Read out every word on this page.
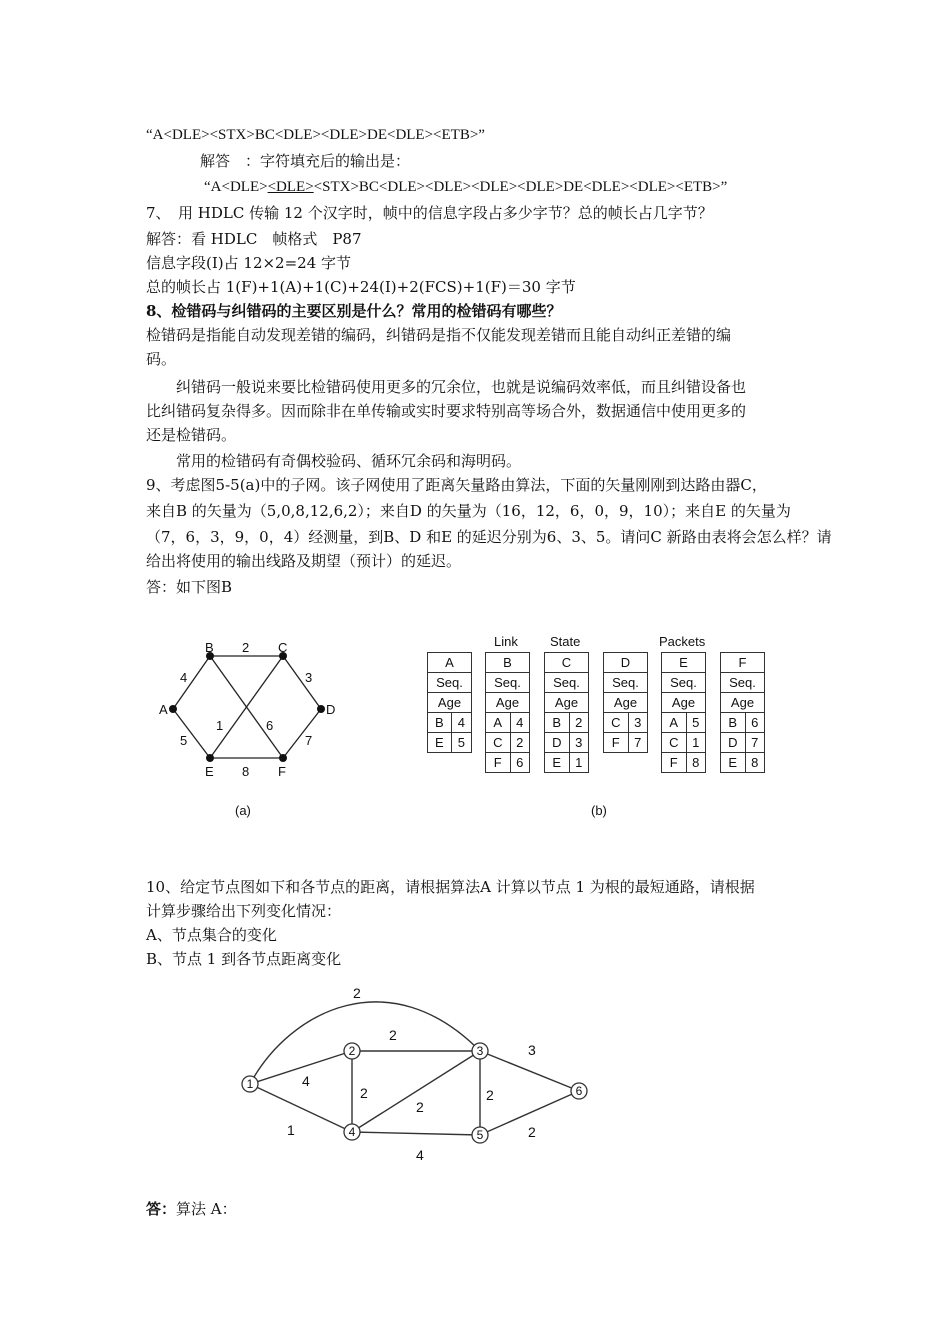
“A<DLE><STX>BC<DLE><DLE>DE<DLE><ETB>”
解答　：字符填充后的输出是：
“A<DLE><DLE><STX>BC<DLE><DLE><DLE><DLE>DE<DLE><DLE><ETB>”
7、　用 HDLC 传输 12 个汉字时，帧中的信息字段占多少字节？总的帧长占几字节？
解答：看 HDLC　帧格式　P87
信息字段(I)占 12×2=24 字节
总的帧长占 1(F)+1(A)+1(C)+24(I)+2(FCS)+1(F)＝30 字节
8、检错码与纠错码的主要区别是什么？常用的检错码有哪些？
检错码是指能自动发现差错的编码，纠错码是指不仅能发现差错而且能自动纠正差错的编
码。
纠错码一般说来要比检错码使用更多的冗余位，也就是说编码效率低，而且纠错设备也
比纠错码复杂得多。因而除非在单传输或实时要求特别高等场合外，数据通信中使用更多的
还是检错码。
常用的检错码有奇偶校验码、循环冗余码和海明码。
9、考虑图5-5(a)中的子网。该子网使用了距离矢量路由算法，下面的矢量刚刚到达路由器C，
来自B 的矢量为（5,0,8,12,6,2）；来自D 的矢量为（16，12，6，0，9，10）；来自E 的矢量为
（7，6，3，9，0，4）经测量，到B、D 和E 的延迟分别为6、3、5。请问C 新路由表将会怎么样？请
给出将使用的输出线路及期望（预计）的延迟。
答：如下图B
A
B	C
D
E	F
4
2
3
5
8
7
6
1
(a)
Link State	Packets
A	
Seq.	
Age	
B	4
E	5
B	
Seq.	
Age	
A	4
C	2
F	6
C	
Seq.	
Age	
B	2
D	3
E	1
D	
Seq.	
Age	
C	3
F	7
E	
Seq.	
Age	
A	5
C	1
F	8
F	
Seq.	
Age	
B	6
D	7
E	8
(b)
10、给定节点图如下和各节点的距离，请根据算法A 计算以节点 1 为根的最短通路，请根据
计算步骤给出下列变化情况：
A、节点集合的变化
B、节点 1 到各节点距离变化
1
2	3
4	5
6
2
2
3
4
2
2
2
1	2
4
答：算法 A：
